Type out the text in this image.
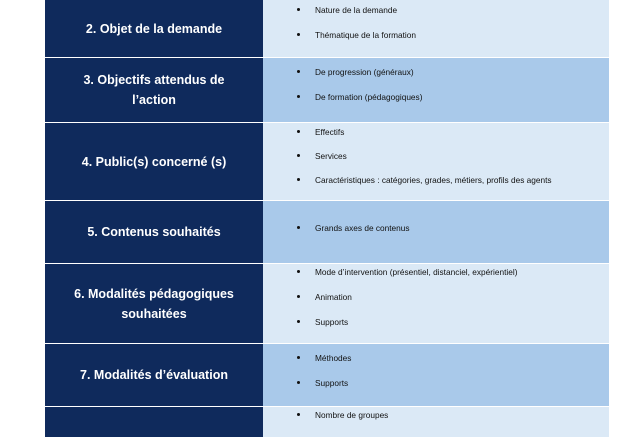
2. Objet de la demande
Nature de la demande
Thématique de la formation
3. Objectifs attendus de l’action
De progression (généraux)
De formation (pédagogiques)
4. Public(s) concerné (s)
Effectifs
Services
Caractéristiques : catégories, grades, métiers, profils des agents
5. Contenus souhaités	Grands axes de contenus
6. Modalités pédagogiques souhaitées
Mode d’intervention (présentiel, distanciel, expérientiel)
Animation
Supports
7. Modalités d’évaluation
Méthodes
Supports
Nombre de groupes
